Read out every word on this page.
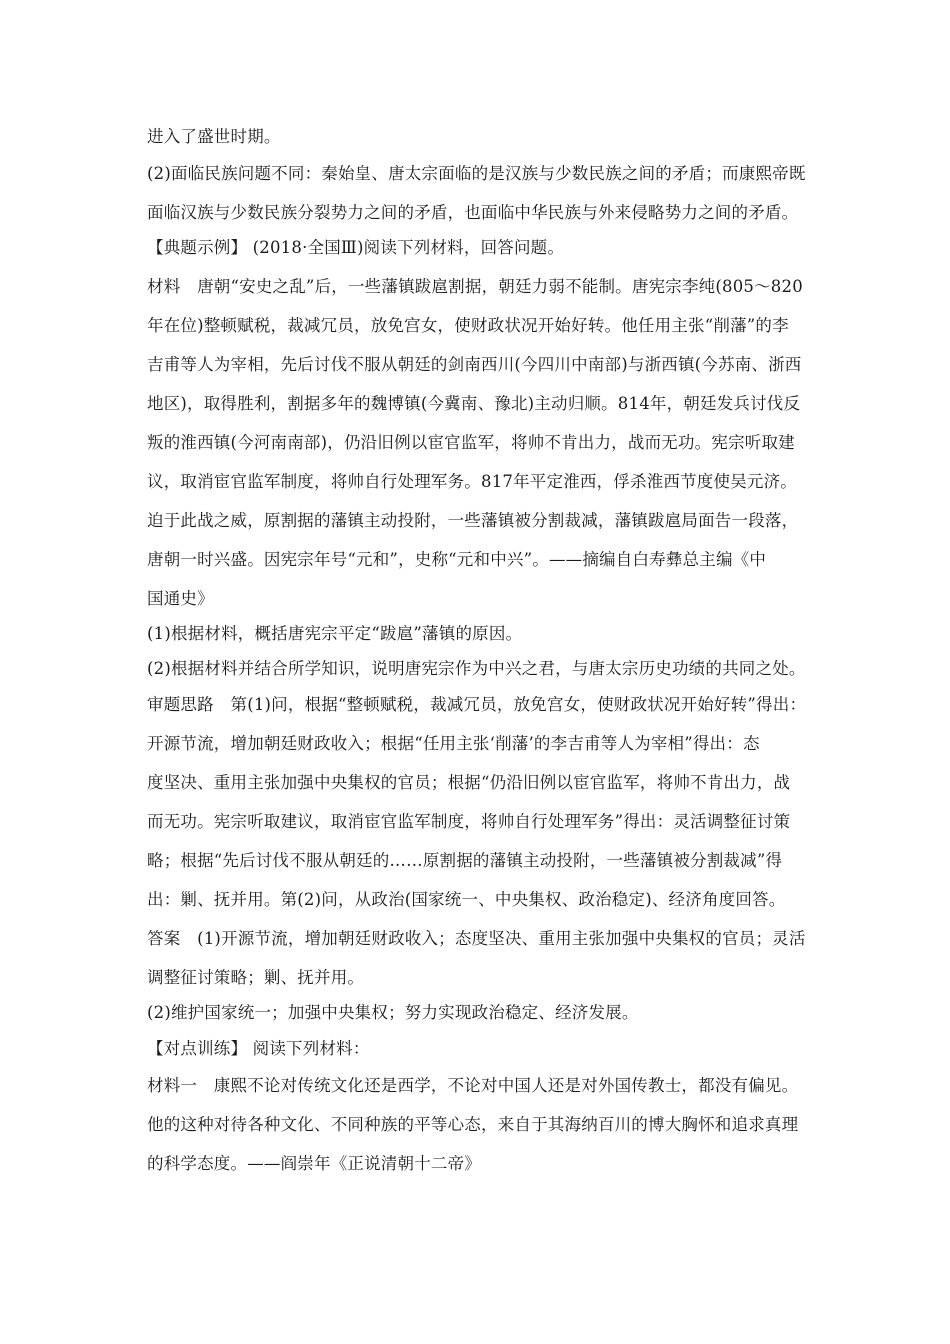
进入了盛世时期。
(2)面临民族问题不同：秦始皇、唐太宗面临的是汉族与少数民族之间的矛盾；而康熙帝既
面临汉族与少数民族分裂势力之间的矛盾，也面临中华民族与外来侵略势力之间的矛盾。
【典题示例】 (2018·全国Ⅲ)阅读下列材料，回答问题。
材料　唐朝“安史之乱”后，一些藩镇跋扈割据，朝廷力弱不能制。唐宪宗李纯(805～820
年在位)整顿赋税，裁减冗员，放免宫女，使财政状况开始好转。他任用主张“削藩”的李
吉甫等人为宰相，先后讨伐不服从朝廷的剑南西川(今四川中南部)与浙西镇(今苏南、浙西
地区)，取得胜利，割据多年的魏博镇(今冀南、豫北)主动归顺。814年，朝廷发兵讨伐反
叛的淮西镇(今河南南部)，仍沿旧例以宦官监军，将帅不肯出力，战而无功。宪宗听取建
议，取消宦官监军制度，将帅自行处理军务。817年平定淮西，俘杀淮西节度使吴元济。
迫于此战之威，原割据的藩镇主动投附，一些藩镇被分割裁减，藩镇跋扈局面告一段落，
唐朝一时兴盛。因宪宗年号“元和”，史称“元和中兴”。——摘编自白寿彝总主编《中
国通史》
(1)根据材料，概括唐宪宗平定“跋扈”藩镇的原因。
(2)根据材料并结合所学知识，说明唐宪宗作为中兴之君，与唐太宗历史功绩的共同之处。
审题思路　第(1)问，根据“整顿赋税，裁减冗员，放免宫女，使财政状况开始好转”得出：
开源节流，增加朝廷财政收入；根据“任用主张‘削藩’的李吉甫等人为宰相”得出：态
度坚决、重用主张加强中央集权的官员；根据“仍沿旧例以宦官监军，将帅不肯出力，战
而无功。宪宗听取建议，取消宦官监军制度，将帅自行处理军务”得出：灵活调整征讨策
略；根据“先后讨伐不服从朝廷的……原割据的藩镇主动投附，一些藩镇被分割裁减”得
出：剿、抚并用。第(2)问，从政治(国家统一、中央集权、政治稳定)、经济角度回答。
答案　(1)开源节流，增加朝廷财政收入；态度坚决、重用主张加强中央集权的官员；灵活
调整征讨策略；剿、抚并用。
(2)维护国家统一；加强中央集权；努力实现政治稳定、经济发展。
【对点训练】 阅读下列材料：
材料一　康熙不论对传统文化还是西学，不论对中国人还是对外国传教士，都没有偏见。
他的这种对待各种文化、不同种族的平等心态，来自于其海纳百川的博大胸怀和追求真理
的科学态度。——阎崇年《正说清朝十二帝》
